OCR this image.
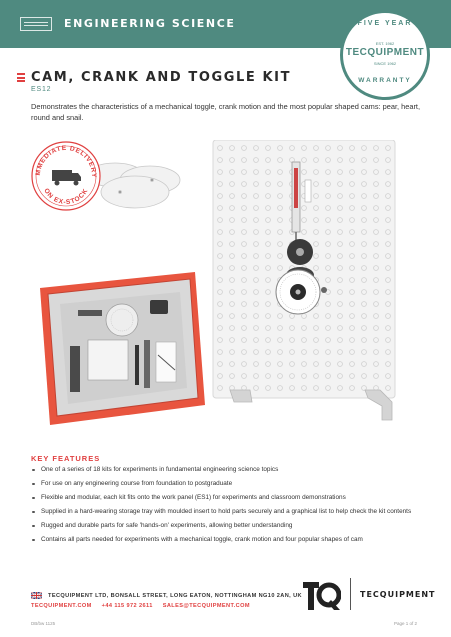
ENGINEERING SCIENCE	FIVE YEAR
EST. 1962
TECQUIPMENT
SINCE 1962
WARRANTY
CAM, CRANK AND TOGGLE KIT
ES12
Demonstrates the characteristics of a mechanical toggle, crank motion and the most popular shaped cams: pear, heart, round and snail.
MMEDIATE DELIVERY
ON EX-STOCK
KEY FEATURES
One of a series of 18 kits for experiments in fundamental engineering science topics
For use on any engineering course from foundation to postgraduate
Flexible and modular, each kit fits onto the work panel (ES1) for experiments and classroom demonstrations
Supplied in a hard-wearing storage tray with moulded insert to hold parts securely and a graphical list to help check the kit contents
Rugged and durable parts for safe 'hands-on' experiments, allowing better understanding
Contains all parts needed for experiments with a mechanical toggle, crank motion and four popular shapes of cam
TECQUIPMENT LTD, BONSALL STREET, LONG EATON, NOTTINGHAM NG10 2AN, UK
TECQUIPMENT.COM +44 115 972 2611 SALES@TECQUIPMENT.COM
TECQUIPMENT
DB/bw 1125	Page 1 of 2
